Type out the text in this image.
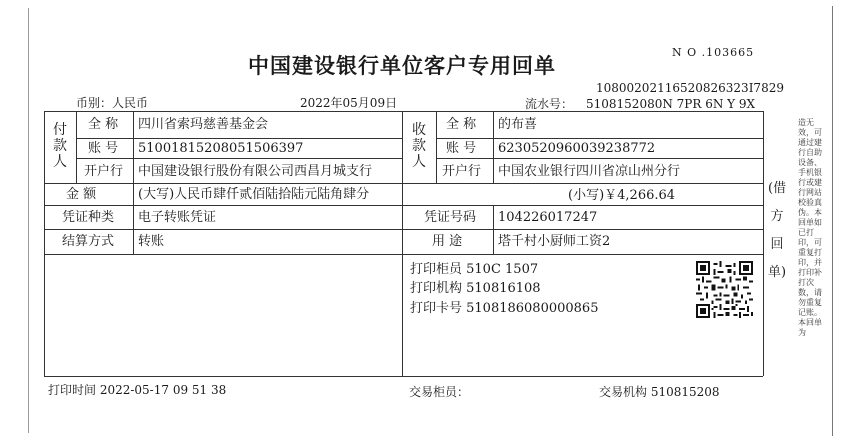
N O .103665
中国建设银行单位客户专用回单
10800202116520826323I7829
币别：人民币	2022年05月09日	流水号： 5108152080N 7PR 6N Y 9X
付款人
全 称 四川省索玛慈善基金会
账 号 51001815208051506397
开户行 中国建设银行股份有限公司西昌月城支行
收款人
全 称 的布喜
账 号 6230520960039238772
开户行 中国农业银行四川省凉山州分行
金 额	(大写)人民币肆仟贰佰陆拾陆元陆角肆分	(小写)￥4,266.64
凭证种类 电子转账凭证	凭证号码 104226017247
结算方式 转账	用 途	塔千村小厨师工资2
打印柜员 510C 1507
打印机构 510816108
打印卡号 5108186080000865
(借方回单)
造无效，可通过建行自助设备、手机银行或建行网站校验真伪。本回单如已打印，可重复打印，并打印补打次数，请勿重复记账。本回单为
打印时间 2022-05-17 09 51 38	交易柜员：	交易机构 510815208
